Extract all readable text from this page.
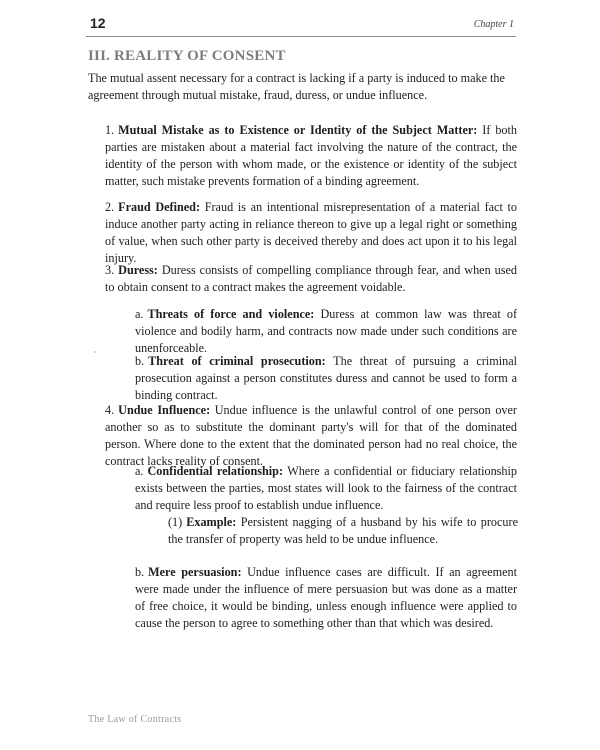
12	Chapter 1
III. REALITY OF CONSENT

The mutual assent necessary for a contract is lacking if a party is induced to make the agreement through mutual mistake, fraud, duress, or undue influence.

1. Mutual Mistake as to Existence or Identity of the Subject Matter: If both parties are mistaken about a material fact involving the nature of the contract, the identity of the person with whom made, or the existence or identity of the subject matter, such mistake prevents formation of a binding agreement.

2. Fraud Defined: Fraud is an intentional misrepresentation of a material fact to induce another party acting in reliance thereon to give up a legal right or something of value, when such other party is deceived thereby and does act upon it to his legal injury.

3. Duress: Duress consists of compelling compliance through fear, and when used to obtain consent to a contract makes the agreement voidable.

a. Threats of force and violence: Duress at common law was threat of violence and bodily harm, and contracts now made under such conditions are unenforceable.

b. Threat of criminal prosecution: The threat of pursuing a criminal prosecution against a person constitutes duress and cannot be used to form a binding contract.

4. Undue Influence: Undue influence is the unlawful control of one person over another so as to substitute the dominant party's will for that of the dominated person. Where done to the extent that the dominated person had no real choice, the contract lacks reality of consent.

a. Confidential relationship: Where a confidential or fiduciary relationship exists between the parties, most states will look to the fairness of the contract and require less proof to establish undue influence.

(1) Example: Persistent nagging of a husband by his wife to procure the transfer of property was held to be undue influence.

b. Mere persuasion: Undue influence cases are difficult. If an agreement were made under the influence of mere persuasion but was done as a matter of free choice, it would be binding, unless enough influence were applied to cause the person to agree to something other than that which was desired.

The Law of Contracts
